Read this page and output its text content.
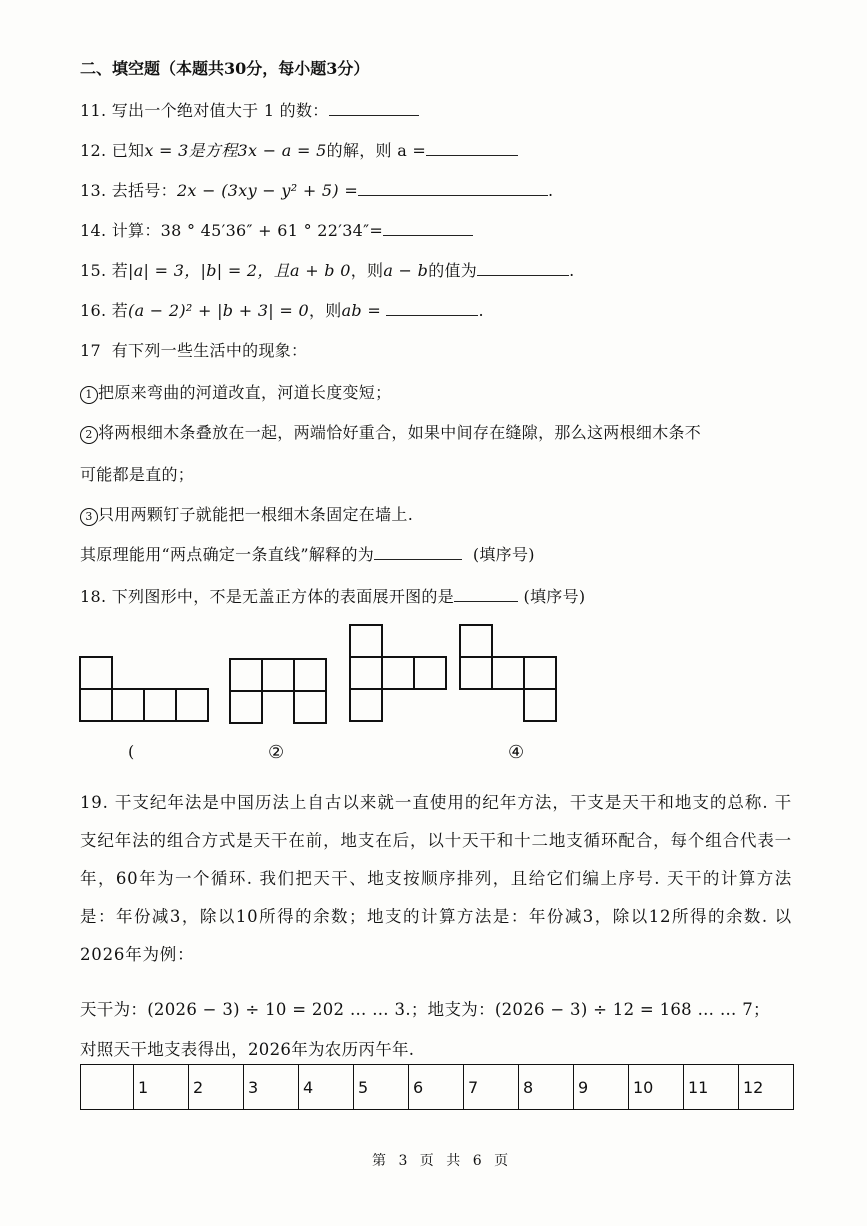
二、填空题（本题共30分，每小题3分）
11. 写出一个绝对值大于 1 的数：
12. 已知x = 3是方程3x − a = 5的解，则 a =
13. 去括号：2x − (3xy − y² + 5) =	.
14. 计算：38 ° 45′36″ + 61 ° 22′34″=
15. 若|a| = 3，|b| = 2，且a + b 0，则a − b的值为	.
16. 若(a − 2)² + |b + 3| = 0，则ab =	.
17 有下列一些生活中的现象：
1 把原来弯曲的河道改直，河道长度变短；
2 将两根细木条叠放在一起，两端恰好重合，如果中间存在缝隙，那么这两根细木条不
可能都是直的；
3 只用两颗钉子就能把一根细木条固定在墙上.
其原理能用“两点确定一条直线”解释的为	(填序号)
18. 下列图形中，不是无盖正方体的表面展开图的是	(填序号)
(	②	④
19. 干支纪年法是中国历法上自古以来就一直使用的纪年方法，干支是天干和地支的总称. 干支纪年法的组合方式是天干在前，地支在后，以十天干和十二地支循环配合，每个组合代表一年，60年为一个循环. 我们把天干、地支按顺序排列，且给它们编上序号. 天干的计算方法是：年份减3，除以10所得的余数；地支的计算方法是：年份减3，除以12所得的余数. 以2026年为例：
天干为：(2026 − 3) ÷ 10 = 202 … … 3.；地支为：(2026 − 3) ÷ 12 = 168 … … 7；
对照天干地支表得出，2026年为农历丙午年.
	1	2	3	4	5	6	7	8	9	10	11	12
第 3 页 共 6 页
